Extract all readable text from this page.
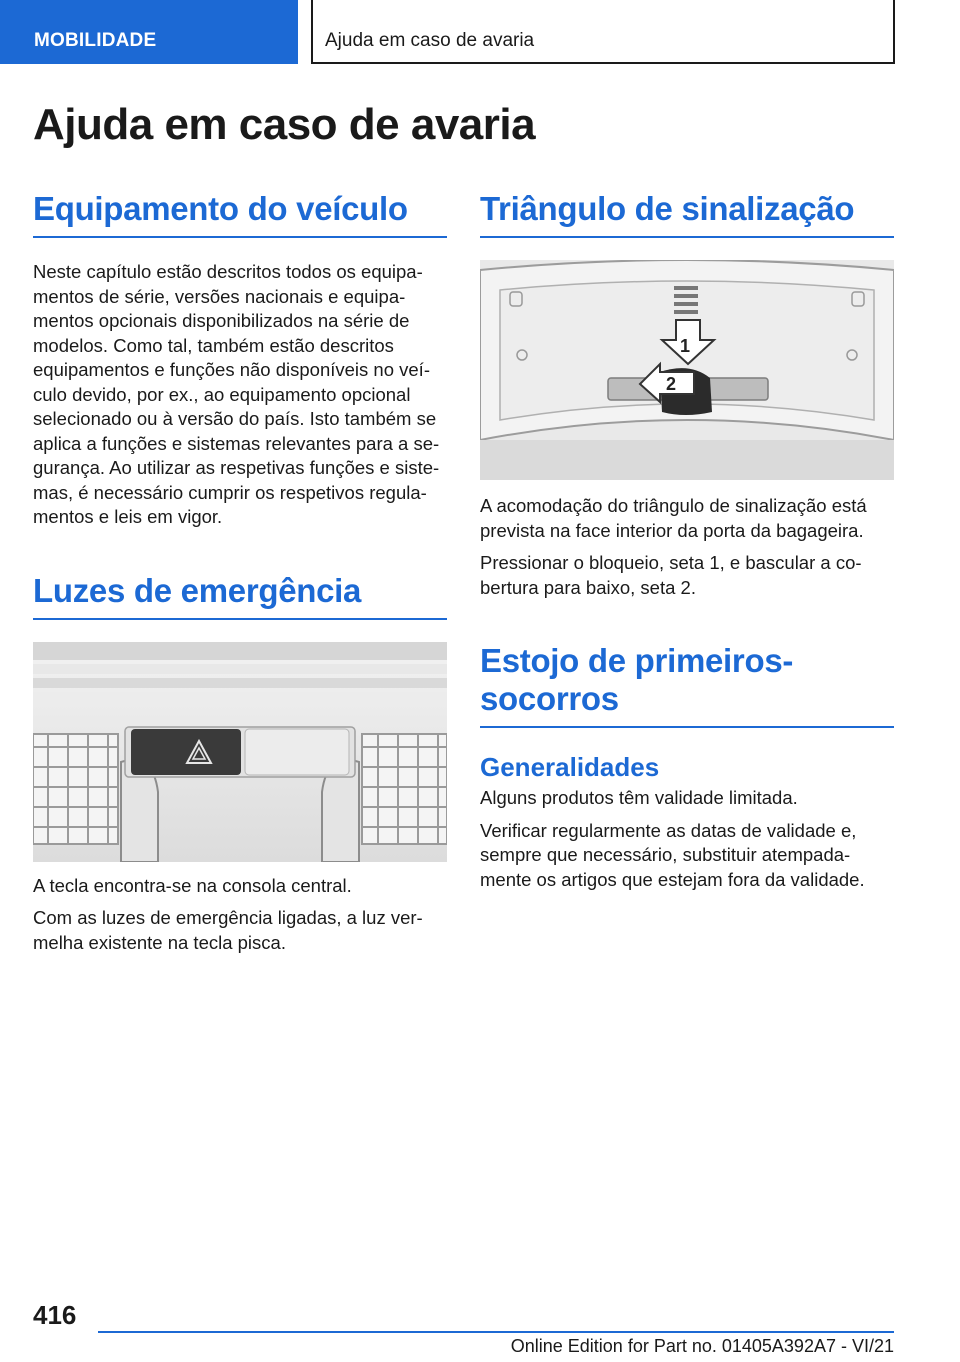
MOBILIDADE	Ajuda em caso de avaria
Ajuda em caso de avaria
Equipamento do veículo

Neste capítulo estão descritos todos os equipa-

mentos de série, versões nacionais e equipa-

mentos opcionais disponibilizados na série de

modelos. Como tal, também estão descritos

equipamentos e funções não disponíveis no veí-

culo devido, por ex., ao equipamento opcional

selecionado ou à versão do país. Isto também se

aplica a funções e sistemas relevantes para a se-

gurança. Ao utilizar as respetivas funções e siste-

mas, é necessário cumprir os respetivos regula-

mentos e leis em vigor.

Luzes de emergência

A tecla encontra-se na consola central.

Com as luzes de emergência ligadas, a luz ver-

melha existente na tecla pisca.

Triângulo de sinalização
1
2

A acomodação do triângulo de sinalização está

prevista na face interior da porta da bagageira.

Pressionar o bloqueio, seta 1, e bascular a co-

bertura para baixo, seta 2.

Estojo de primeiros-
socorros
Generalidades

Alguns produtos têm validade limitada.

Verificar regularmente as datas de validade e,

sempre que necessário, substituir atempada-

mente os artigos que estejam fora da validade.

416
Online Edition for Part no. 01405A392A7 - VI/21
